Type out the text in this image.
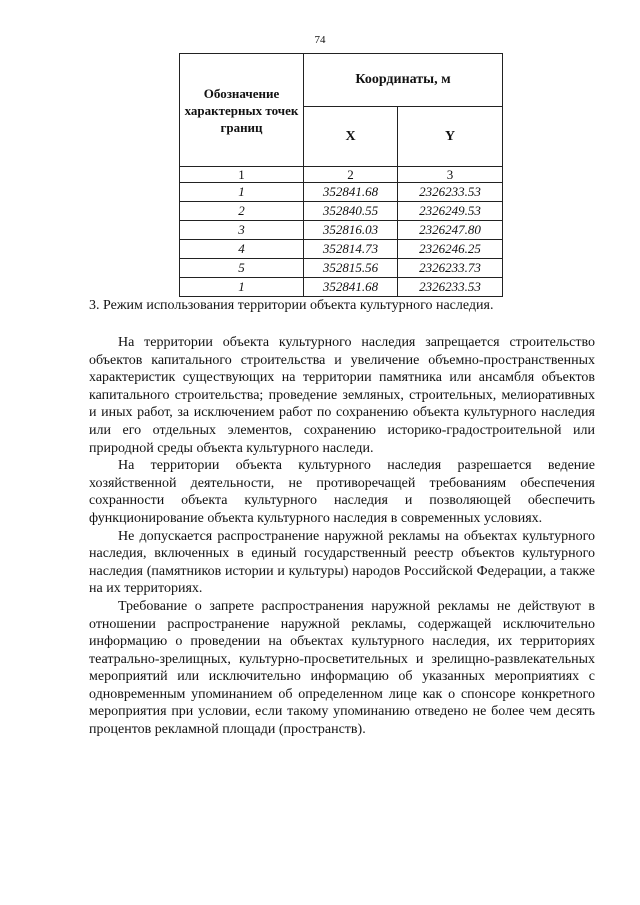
74
Обозначение характерных точек границ	Координаты, м	
	X	Y
1	2	3
1	352841.68	2326233.53
2	352840.55	2326249.53
3	352816.03	2326247.80
4	352814.73	2326246.25
5	352815.56	2326233.73
1	352841.68	2326233.53
3. Режим использования территории объекта культурного наследия.

На территории объекта культурного наследия запрещается строительство объектов капитального строительства и увеличение объемно-пространственных характеристик существующих на территории памятника или ансамбля объектов капитального строительства; проведение земляных, строительных, мелиоративных и иных работ, за исключением работ по сохранению объекта культурного наследия или его отдельных элементов, сохранению историко-градостроительной или природной среды объекта культурного наследи.

На территории объекта культурного наследия разрешается ведение хозяйственной деятельности, не противоречащей требованиям обеспечения сохранности объекта культурного наследия и позволяющей обеспечить функционирование объекта культурного наследия в современных условиях.

Не допускается распространение наружной рекламы на объектах культурного наследия, включенных в единый государственный реестр объектов культурного наследия (памятников истории и культуры) народов Российской Федерации, а также на их территориях.

Требование о запрете распространения наружной рекламы не действуют в отношении распространение наружной рекламы, содержащей исключительно информацию о проведении на объектах культурного наследия, их территориях театрально-зрелищных, культурно-просветительных и зрелищно-развлекательных мероприятий или исключительно информацию об указанных мероприятиях с одновременным упоминанием об определенном лице как о спонсоре конкретного мероприятия при условии, если такому упоминанию отведено не более чем десять процентов рекламной площади (пространств).
